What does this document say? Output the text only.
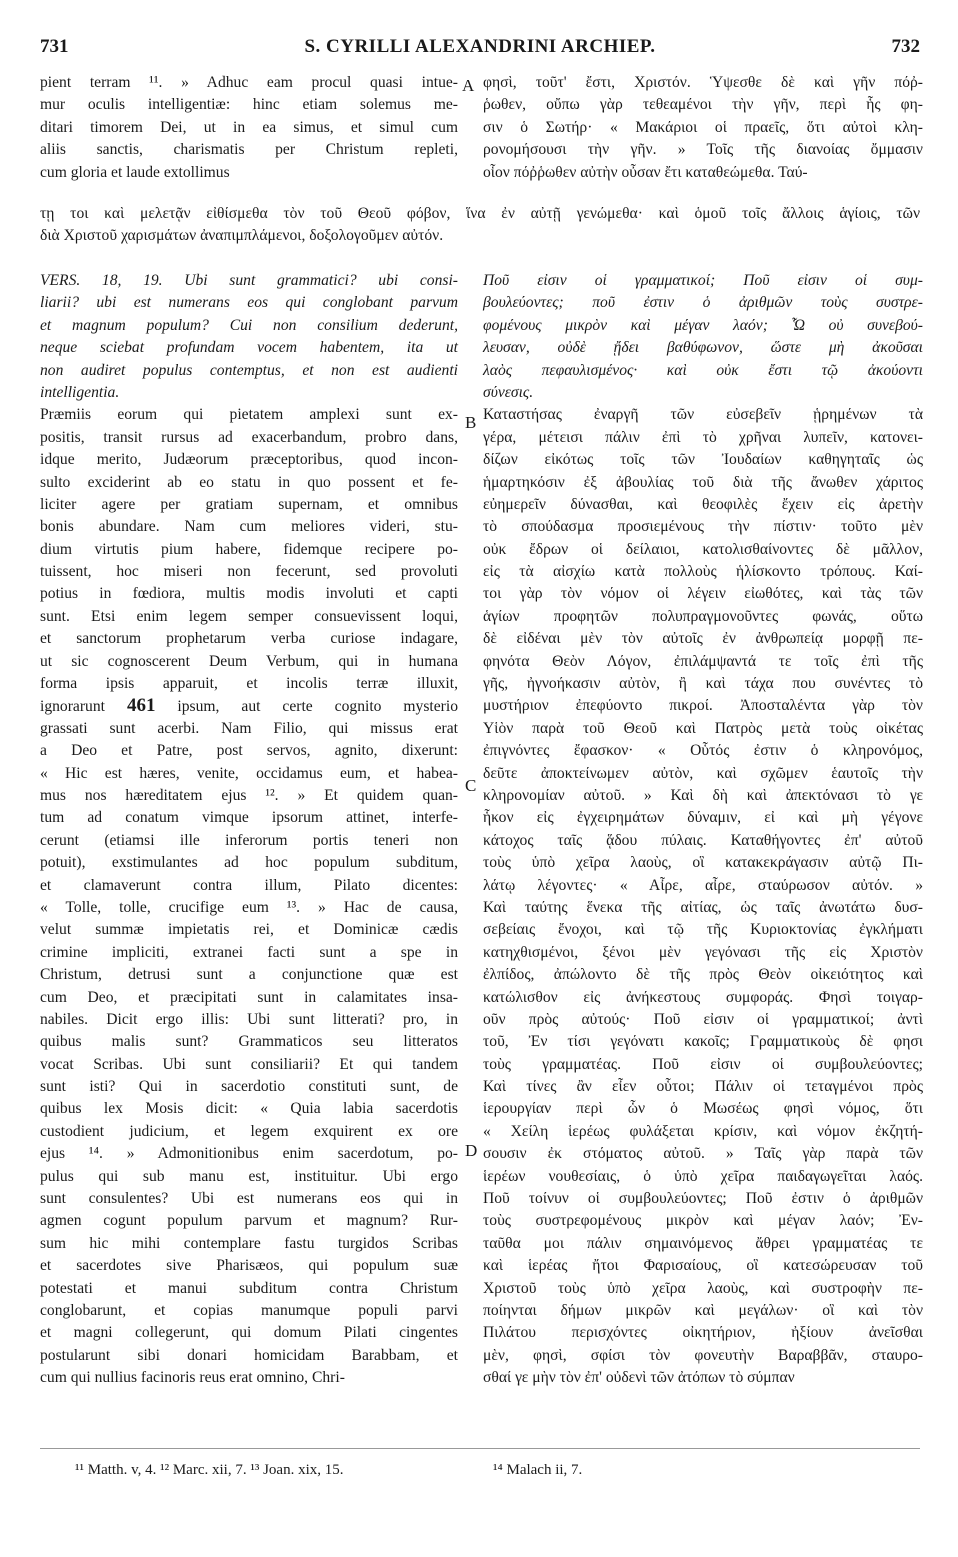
731	S. CYRILLI ALEXANDRINI ARCHIEP.	732
pient terram ¹¹. » Adhuc eam procul quasi intue-
mur oculis intelligentiæ: hinc etiam solemus me-
ditari timorem Dei, ut in ea simus, et simul cum
aliis sanctis, charismatis per Christum repleti,
cum gloria et laude extollimus
φησὶ, τοῦτ' ἔστι, Χριστόν. Ὑψεσθε δὲ καὶ γῆν πόῤ-
ῥωθεν, οὔπω γὰρ τεθεαμένοι τὴν γῆν, περὶ ἧς φη-
σιν ὁ Σωτήρ· « Μακάριοι οἱ πραεῖς, ὅτι αὐτοὶ κλη-
ρονομήσουσι τὴν γῆν. » Τοῖς τῆς διανοίας ὄμμασιν
οἷον πόῤῥωθεν αὐτὴν οὖσαν ἔτι καταθεώμεθα. Ταύ-
τῃ τοι καὶ μελετᾷν εἰθίσμεθα τὸν τοῦ Θεοῦ φόβον, ἵνα ἐν αὐτῇ γενώμεθα· καὶ ὁμοῦ τοῖς ἄλλοις ἁγίοις, τῶν
διὰ Χριστοῦ χαρισμάτων ἀναπιμπλάμενοι, δοξολογοῦμεν αὐτόν.
VERS. 18, 19. Ubi sunt grammatici? ubi consi-
liarii? ubi est numerans eos qui conglobant parvum
et magnum populum? Cui non consilium dederunt,
neque sciebat profundam vocem habentem, ita ut
non audiret populus contemptus, et non est audienti
intelligentia.
Præmiis eorum qui pietatem amplexi sunt ex-
positis, transit rursus ad exacerbandum, probro dans,
idque merito, Judæorum præceptoribus, quod incon-
sulto exciderint ab eo statu in quo possent et fe-
liciter agere per gratiam supernam, et omnibus
bonis abundare. Nam cum meliores videri, stu-
dium virtutis pium habere, fidemque recipere po-
tuissent, hoc miseri non fecerunt, sed provoluti
potius in fœdiora, multis modis involuti et capti
sunt. Etsi enim legem semper consuevissent loqui,
et sanctorum prophetarum verba curiose indagare,
ut sic cognoscerent Deum Verbum, qui in humana
forma ipsis apparuit, et incolis terræ illuxit,
ignorarunt 461 ipsum, aut certe cognito mysterio
grassati sunt acerbi. Nam Filio, qui missus erat
a Deo et Patre, post servos, agnito, dixerunt:
« Hic est hæres, venite, occidamus eum, et habea-
mus nos hæreditatem ejus ¹². » Et quidem quan-
tum ad conatum vimque ipsorum attinet, interfe-
cerunt (etiamsi ille inferorum portis teneri non
potuit), exstimulantes ad hoc populum subditum,
et clamaverunt contra illum, Pilato dicentes:
« Tolle, tolle, crucifige eum ¹³. » Hac de causa,
velut summæ impietatis rei, et Dominicæ cædis
crimine impliciti, extranei facti sunt a spe in
Christum, detrusi sunt a conjunctione quæ est
cum Deo, et præcipitati sunt in calamitates insa-
nabiles. Dicit ergo illis: Ubi sunt litterati? pro, in
quibus malis sunt? Grammaticos seu litteratos
vocat Scribas. Ubi sunt consiliarii? Et qui tandem
sunt isti? Qui in sacerdotio constituti sunt, de
quibus lex Mosis dicit: « Quia labia sacerdotis
custodient judicium, et legem exquirent ex ore
ejus ¹⁴. » Admonitionibus enim sacerdotum, po-
pulus qui sub manu est, instituitur. Ubi ergo
sunt consulentes? Ubi est numerans eos qui in
agmen cogunt populum parvum et magnum? Rur-
sum hic mihi contemplare fastu turgidos Scribas
et sacerdotes sive Pharisæos, qui populum suæ
potestati et manui subditum contra Christum
conglobarunt, et copias manumque populi parvi
et magni collegerunt, qui domum Pilati cingentes
postularunt sibi donari homicidam Barabbam, et
cum qui nullius facinoris reus erat omnino, Chri-
Ποῦ εἰσιν οἱ γραμματικοί; Ποῦ εἰσιν οἱ συμ-
βουλεύοντες; ποῦ ἐστιν ὁ ἀριθμῶν τοὺς συστρε-
φομένους μικρὸν καὶ μέγαν λαόν; Ὧ οὐ συνεβού-
λευσαν, οὐδὲ ᾔδει βαθύφωνον, ὥστε μὴ ἀκοῦσαι
λαὸς πεφαυλισμένος· καὶ οὐκ ἔστι τῷ ἀκούοντι
σύνεσις.
Καταστήσας ἐναργῆ τῶν εὐσεβεῖν ᾑρημένων τὰ
γέρα, μέτεισι πάλιν ἐπὶ τὸ χρῆναι λυπεῖν, κατονει-
δίζων εἰκότως τοῖς τῶν Ἰουδαίων καθηγηταῖς ὡς
ἡμαρτηκόσιν ἐξ ἀβουλίας τοῦ διὰ τῆς ἄνωθεν χάριτος
εὐημερεῖν δύνασθαι, καὶ θεοφιλὲς ἔχειν εἰς ἀρετὴν
τὸ σπούδασμα προσιεμένους τὴν πίστιν· τοῦτο μὲν
οὐκ ἔδρων οἱ δείλαιοι, κατολισθαίνοντες δὲ μᾶλλον,
εἰς τὰ αἰσχίω κατὰ πολλοὺς ἡλίσκοντο τρόπους. Καί-
τοι γὰρ τὸν νόμον οἱ λέγειν εἰωθότες, καὶ τὰς τῶν
ἁγίων προφητῶν πολυπραγμονοῦντες φωνάς, οὕτω
δὲ εἰδέναι μὲν τὸν αὐτοῖς ἐν ἀνθρωπείᾳ μορφῇ πε-
φηνότα Θεὸν Λόγον, ἐπιλάμψαντά τε τοῖς ἐπὶ τῆς
γῆς, ἠγνοήκασιν αὐτὸν, ἢ καὶ τάχα που συνέντες τὸ
μυστήριον ἐπεφύοντο πικροί. Ἀποσταλέντα γὰρ τὸν
Υἱὸν παρὰ τοῦ Θεοῦ καὶ Πατρὸς μετὰ τοὺς οἰκέτας
ἐπιγνόντες ἔφασκον· « Οὗτός ἐστιν ὁ κληρονόμος,
δεῦτε ἀποκτείνωμεν αὐτὸν, καὶ σχῶμεν ἑαυτοῖς τὴν
κληρονομίαν αὐτοῦ. » Καὶ δὴ καὶ ἀπεκτόνασι τὸ γε
ἧκον εἰς ἐγχειρημάτων δύναμιν, εἰ καὶ μὴ γέγονε
κάτοχος ταῖς ᾅδου πύλαις. Καταθήγοντες ἐπ' αὐτοῦ
τοὺς ὑπὸ χεῖρα λαοὺς, οἳ κατακεκράγασιν αὐτῷ Πι-
λάτῳ λέγοντες· « Αἶρε, αἶρε, σταύρωσον αὐτόν. »
Καὶ ταύτης ἕνεκα τῆς αἰτίας, ὡς ταῖς ἀνωτάτω δυσ-
σεβείαις ἔνοχοι, καὶ τῷ τῆς Κυριοκτονίας ἐγκλήματι
κατηχθισμένοι, ξένοι μὲν γεγόνασι τῆς εἰς Χριστὸν
ἐλπίδος, ἀπώλοντο δὲ τῆς πρὸς Θεὸν οἰκειότητος καὶ
κατώλισθον εἰς ἀνήκεστους συμφοράς. Φησὶ τοιγαρ-
οῦν πρὸς αὐτούς· Ποῦ εἰσιν οἱ γραμματικοί; ἀντὶ
τοῦ, Ἐν τίσι γεγόνατι κακοῖς; Γραμματικοὺς δὲ φησι
τοὺς γραμματέας. Ποῦ εἰσιν οἱ συμβουλεύοντες;
Καὶ τίνες ἂν εἶεν οὗτοι; Πάλιν οἱ τεταγμένοι πρὸς
ἱερουργίαν περὶ ὧν ὁ Μωσέως φησὶ νόμος, ὅτι
« Χείλη ἱερέως φυλάξεται κρίσιν, καὶ νόμον ἐκζητή-
σουσιν ἐκ στόματος αὐτοῦ. » Ταῖς γὰρ παρὰ τῶν
ἱερέων νουθεσίαις, ὁ ὑπὸ χεῖρα παιδαγωγεῖται λαός.
Ποῦ τοίνυν οἱ συμβουλεύοντες; Ποῦ ἐστιν ὁ ἀριθμῶν
τοὺς συστρεφομένους μικρὸν καὶ μέγαν λαόν; Ἐν-
ταῦθα μοι πάλιν σημαινόμενος ἄθρει γραμματέας τε
καὶ ἱερέας ἤτοι Φαρισαίους, οἳ κατεσώρευσαν τοῦ
Χριστοῦ τοὺς ὑπὸ χεῖρα λαοὺς, καὶ συστροφὴν πε-
ποίηνται δήμων μικρῶν καὶ μεγάλων· οἳ καὶ τὸν
Πιλάτου περισχόντες οἰκητήριον, ἠξίουν ἀνεῖσθαι
μὲν, φησὶ, σφίσι τὸν φονευτὴν Βαραββᾶν, σταυρο-
σθαί γε μὴν τὸν ἐπ' οὐδενὶ τῶν ἀτόπων τὸ σύμπαν
A
B
C
D
¹¹ Matth. v, 4. ¹² Marc. xii, 7. ¹³ Joan. xix, 15.	¹⁴ Malach ii, 7.
